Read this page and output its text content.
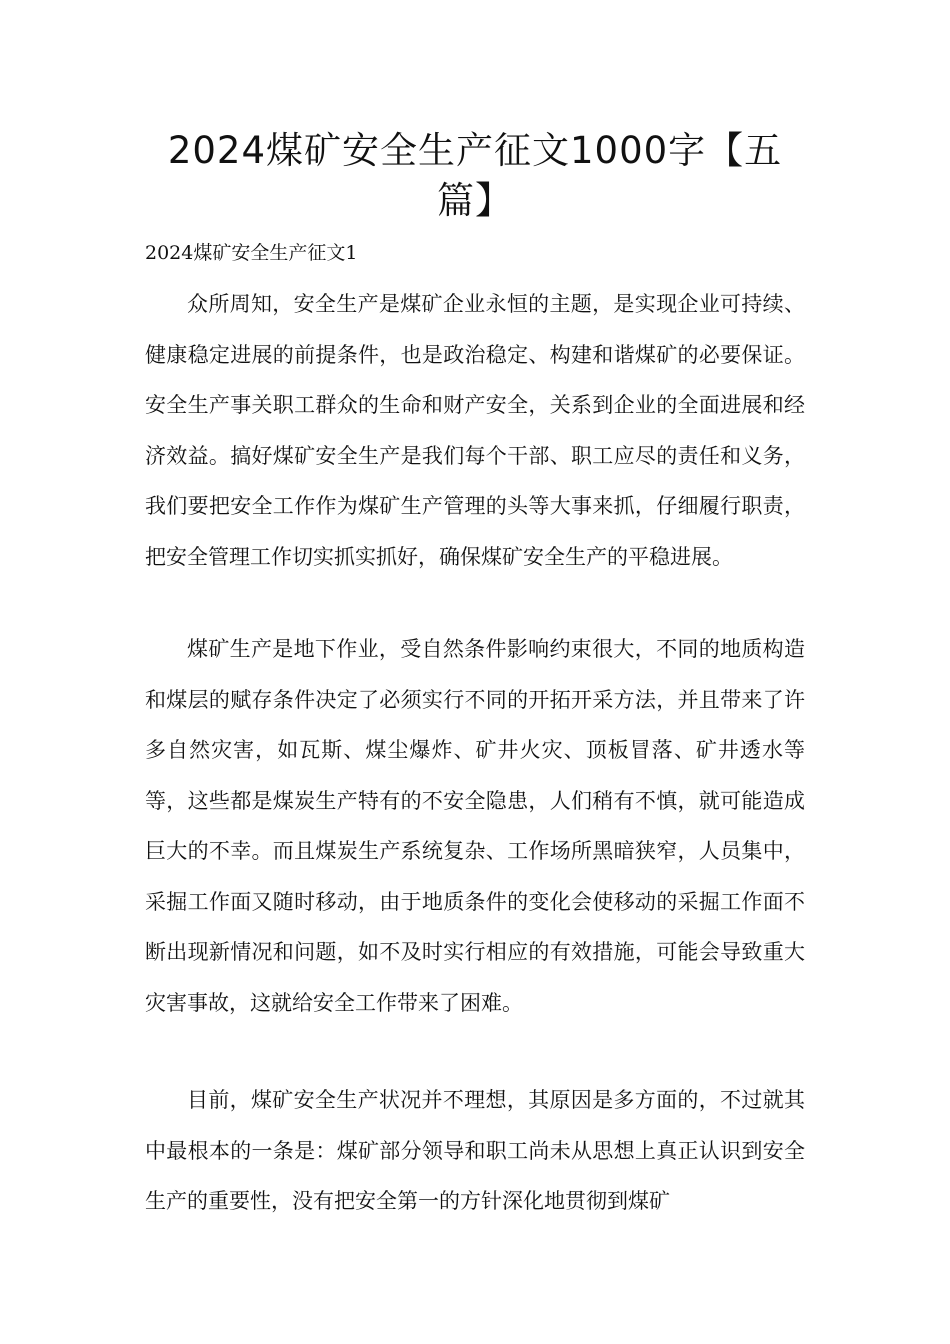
2024煤矿安全生产征文1000字【五篇】

2024煤矿安全生产征文1

众所周知，安全生产是煤矿企业永恒的主题，是实现企业可持续、健康稳定进展的前提条件，也是政治稳定、构建和谐煤矿的必要保证。安全生产事关职工群众的生命和财产安全，关系到企业的全面进展和经济效益。搞好煤矿安全生产是我们每个干部、职工应尽的责任和义务，我们要把安全工作作为煤矿生产管理的头等大事来抓，仔细履行职责，把安全管理工作切实抓实抓好，确保煤矿安全生产的平稳进展。

煤矿生产是地下作业，受自然条件影响约束很大，不同的地质构造和煤层的赋存条件决定了必须实行不同的开拓开采方法，并且带来了许多自然灾害，如瓦斯、煤尘爆炸、矿井火灾、顶板冒落、矿井透水等等，这些都是煤炭生产特有的不安全隐患，人们稍有不慎，就可能造成巨大的不幸。而且煤炭生产系统复杂、工作场所黑暗狭窄，人员集中，采掘工作面又随时移动，由于地质条件的变化会使移动的采掘工作面不断出现新情况和问题，如不及时实行相应的有效措施，可能会导致重大灾害事故，这就给安全工作带来了困难。

目前，煤矿安全生产状况并不理想，其原因是多方面的，不过就其中最根本的一条是：煤矿部分领导和职工尚未从思想上真正认识到安全生产的重要性，没有把安全第一的方针深化地贯彻到煤矿
